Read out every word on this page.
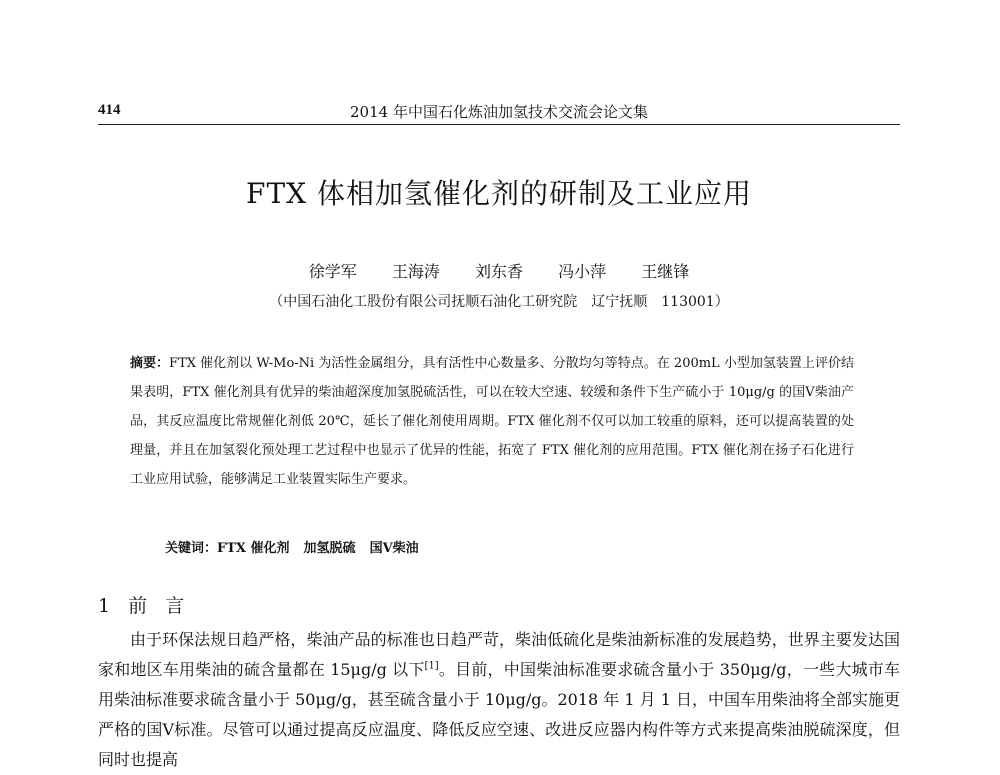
414	2014 年中国石化炼油加氢技术交流会论文集
FTX 体相加氢催化剂的研制及工业应用
徐学军 王海涛 刘东香 冯小萍 王继锋
（中国石油化工股份有限公司抚顺石油化工研究院　辽宁抚顺　113001）

摘要：FTX 催化剂以 W-Mo-Ni 为活性金属组分，具有活性中心数量多、分散均匀等特点。在 200mL 小型加氢装置上评价结果表明，FTX 催化剂具有优异的柴油超深度加氢脱硫活性，可以在较大空速、较缓和条件下生产硫小于 10μg/g 的国Ⅴ柴油产品，其反应温度比常规催化剂低 20℃，延长了催化剂使用周期。FTX 催化剂不仅可以加工较重的原料，还可以提高装置的处理量，并且在加氢裂化预处理工艺过程中也显示了优异的性能，拓宽了 FTX 催化剂的应用范围。FTX 催化剂在扬子石化进行工业应用试验，能够满足工业装置实际生产要求。

关键词：FTX 催化剂 加氢脱硫 国Ⅴ柴油
1 前 言

由于环保法规日趋严格，柴油产品的标准也日趋严苛，柴油低硫化是柴油新标准的发展趋势，世界主要发达国家和地区车用柴油的硫含量都在 15μg/g 以下[1]。目前，中国柴油标准要求硫含量小于 350μg/g，一些大城市车用柴油标准要求硫含量小于 50μg/g，甚至硫含量小于 10μg/g。2018 年 1 月 1 日，中国车用柴油将全部实施更严格的国Ⅴ标准。尽管可以通过提高反应温度、降低反应空速、改进反应器内构件等方式来提高柴油脱硫深度，但同时也提高
